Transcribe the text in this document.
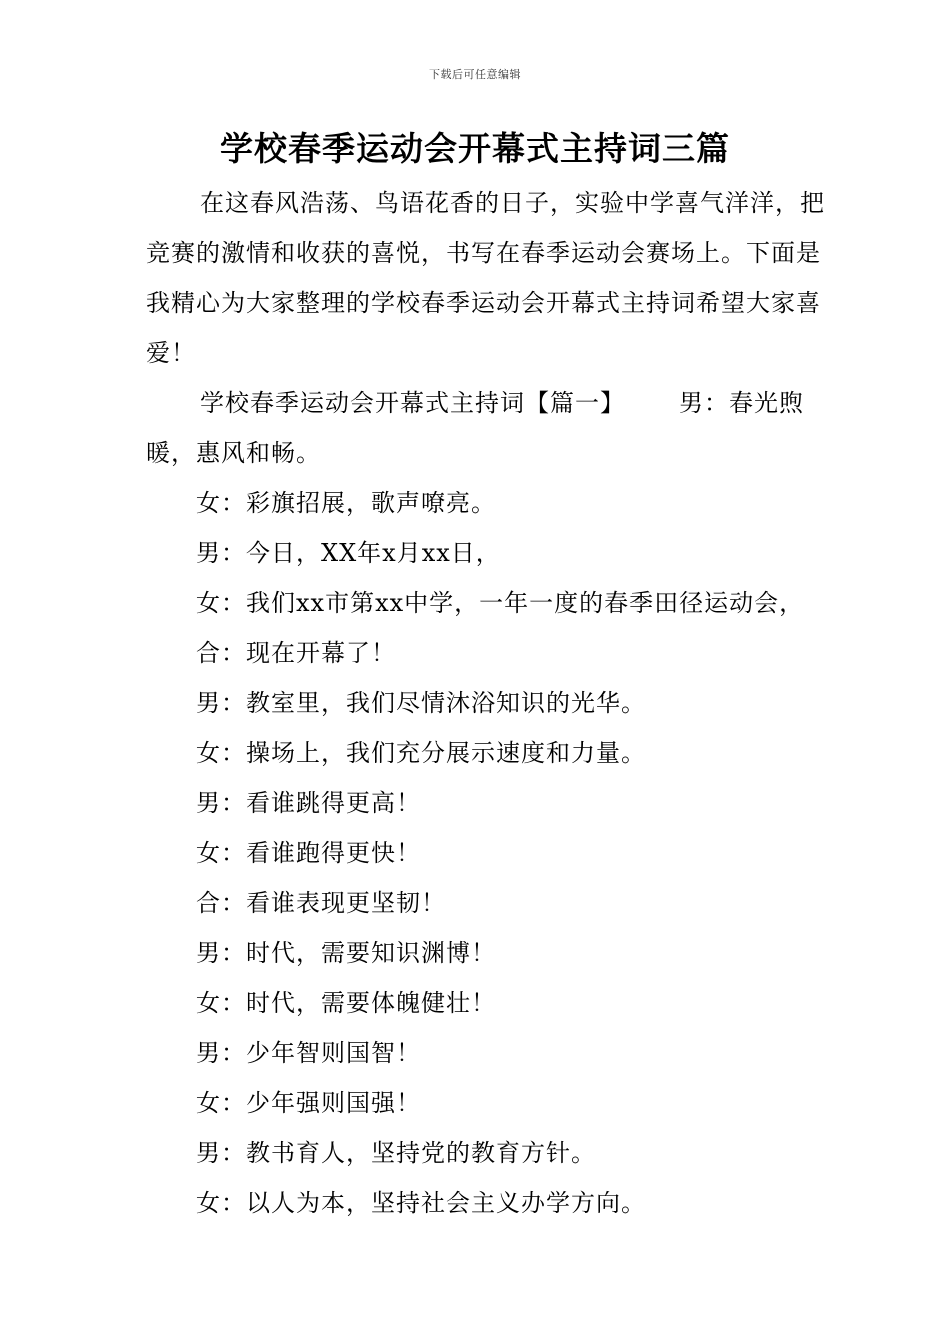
下载后可任意编辑
学校春季运动会开幕式主持词三篇

在这春风浩荡、鸟语花香的日子，实验中学喜气洋洋，把竞赛的激情和收获的喜悦，书写在春季运动会赛场上。下面是我精心为大家整理的学校春季运动会开幕式主持词希望大家喜爱！

学校春季运动会开幕式主持词【篇一】 男：春光煦暖，惠风和畅。

女：彩旗招展，歌声嘹亮。

男：今日，XX年x月xx日，

女：我们xx市第xx中学，一年一度的春季田径运动会，

合：现在开幕了！

男：教室里，我们尽情沐浴知识的光华。

女：操场上，我们充分展示速度和力量。

男：看谁跳得更高！

女：看谁跑得更快！

合：看谁表现更坚韧！

男：时代，需要知识渊博！

女：时代，需要体魄健壮！

男：少年智则国智！

女：少年强则国强！

男：教书育人，坚持党的教育方针。

女：以人为本，坚持社会主义办学方向。
